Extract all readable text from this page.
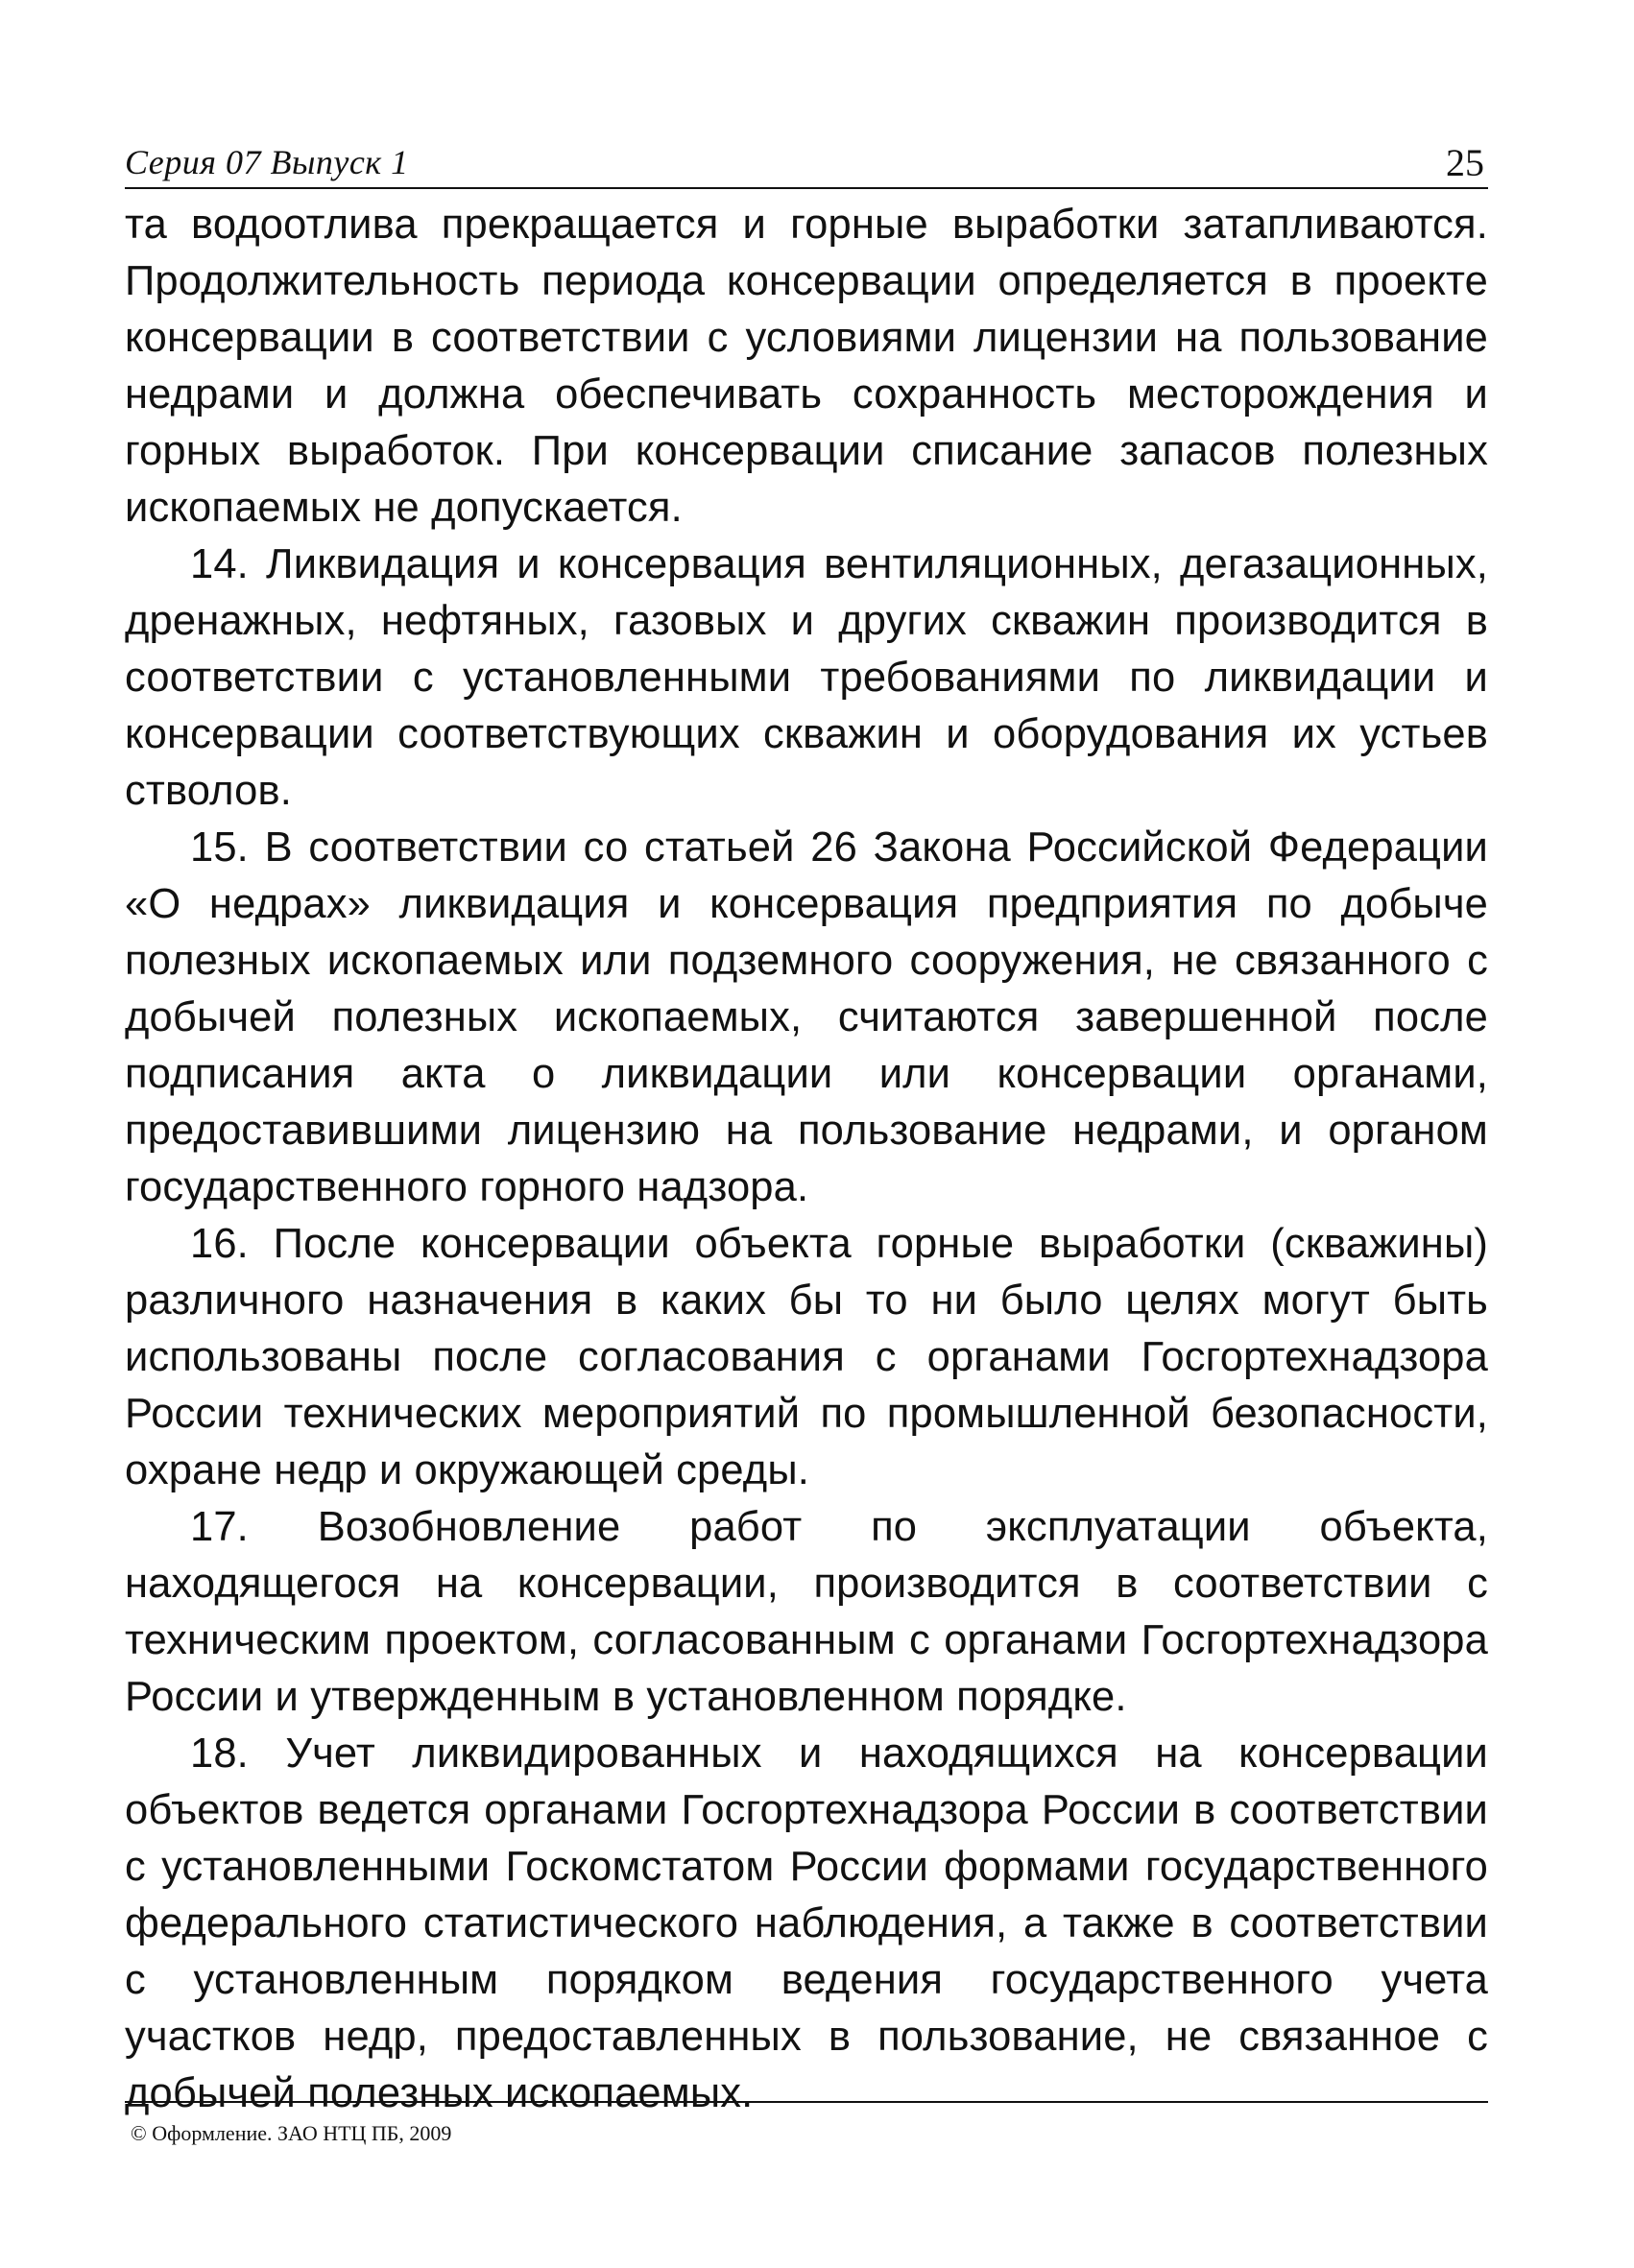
Серия 07 Выпуск 1	25

та водоотлива прекращается и горные выработки затапливаются. Продолжительность периода консервации определяется в проекте консервации в соответствии с условиями лицензии на пользование недрами и должна обеспечивать сохранность месторождения и горных выработок. При консервации списание запасов полезных ископаемых не допускается.

14. Ликвидация и консервация вентиляционных, дегазационных, дренажных, нефтяных, газовых и других скважин производится в соответствии с установленными требованиями по ликвидации и консервации соответствующих скважин и оборудования их устьев стволов.

15. В соответствии со статьей 26 Закона Российской Федерации «О недрах» ликвидация и консервация предприятия по добыче полезных ископаемых или подземного сооружения, не связанного с добычей полезных ископаемых, считаются завершенной после подписания акта о ликвидации или консервации органами, предоставившими лицензию на пользование недрами, и органом государственного горного надзора.

16. После консервации объекта горные выработки (скважины) различного назначения в каких бы то ни было целях могут быть использованы после согласования с органами Госгортехнадзора России технических мероприятий по промышленной безопасности, охране недр и окружающей среды.

17. Возобновление работ по эксплуатации объекта, находящегося на консервации, производится в соответствии с техническим проектом, согласованным с органами Госгортехнадзора России и утвержденным в установленном порядке.

18. Учет ликвидированных и находящихся на консервации объектов ведется органами Госгортехнадзора России в соответствии с установленными Госкомстатом России формами государственного федерального статистического наблюдения, а также в соответствии с установленным порядком ведения государственного учета участков недр, предоставленных в пользование, не связанное с добычей полезных ископаемых.

© Оформление. ЗАО НТЦ ПБ, 2009
